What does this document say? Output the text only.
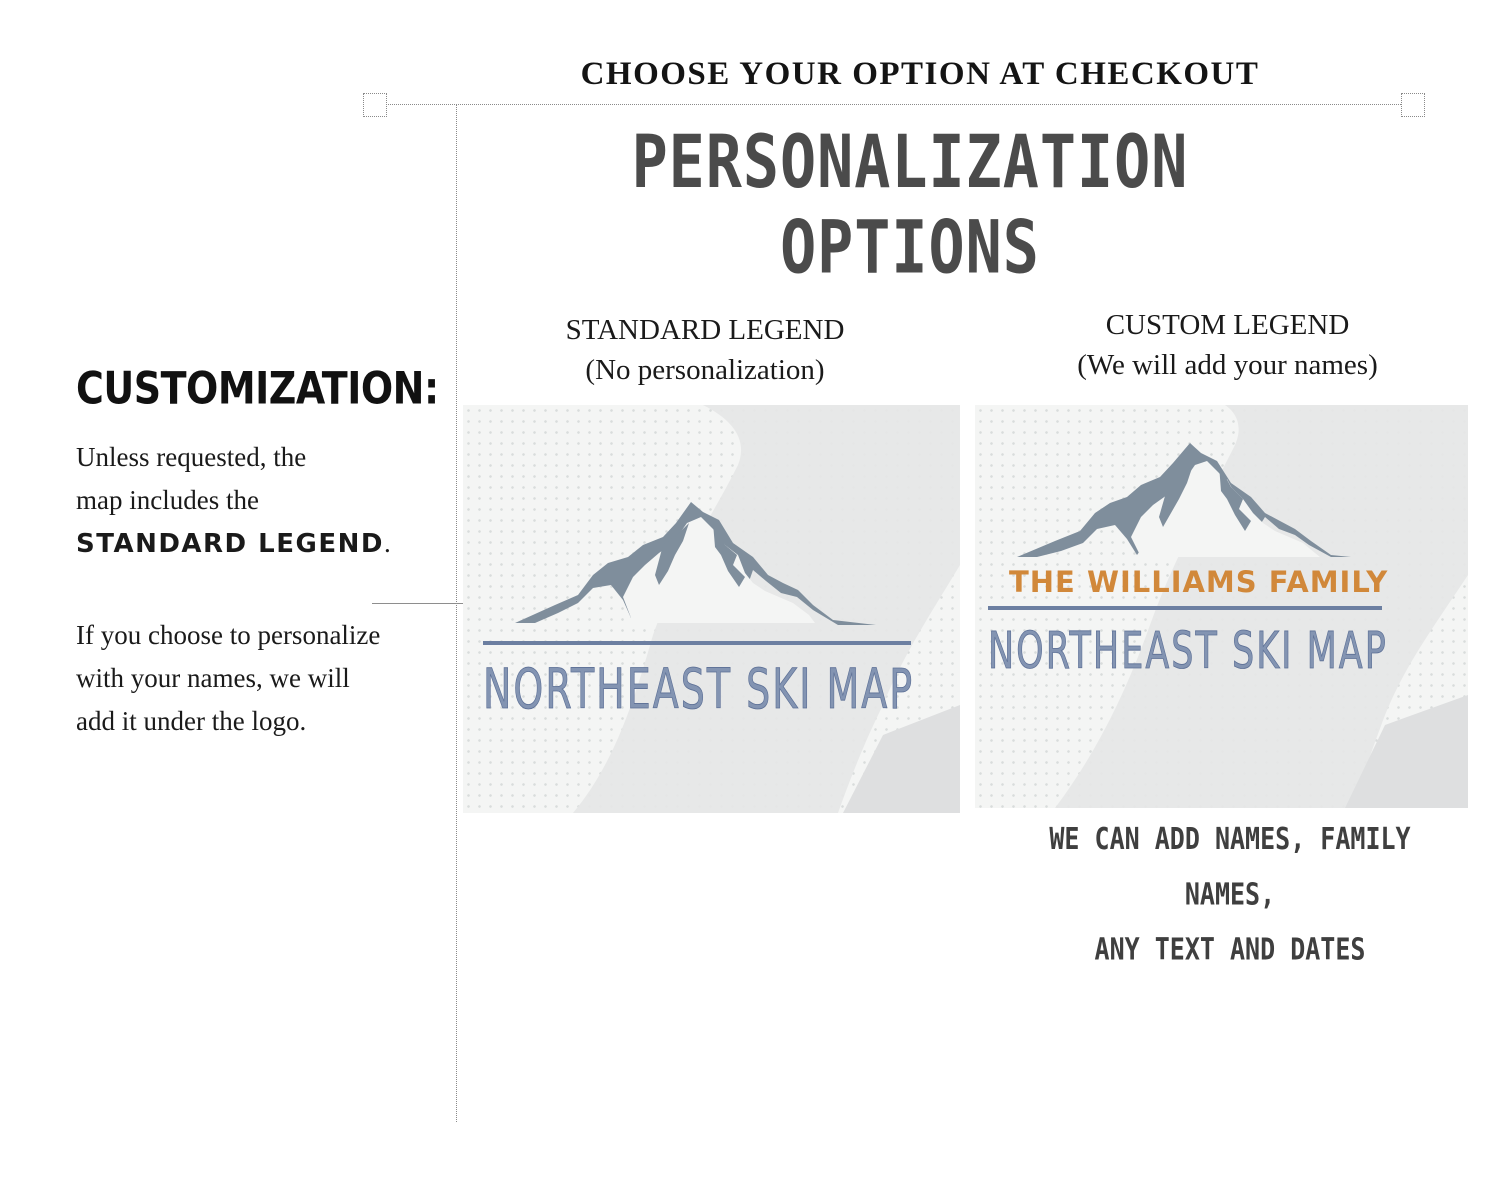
CHOOSE YOUR OPTION AT CHECKOUT
PERSONALIZATION OPTIONS
CUSTOMIZATION:
Unless requested, the
map includes the
STANDARD LEGEND.
If you choose to personalize
with your names, we will
add it under the logo.
STANDARD LEGEND
(No personalization)
CUSTOM LEGEND
(We will add your names)
NORTHEAST SKI MAP
THE WILLIAMS FAMILY
NORTHEAST SKI MAP
WE CAN ADD NAMES, FAMILY NAMES,
ANY TEXT AND DATES
